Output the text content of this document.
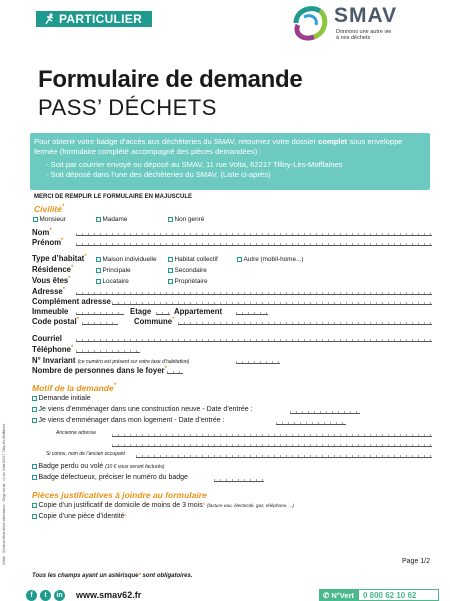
PARTICULIER	SMAV
Donnons une autre vie
à nos déchets
Formulaire de demande
PASS’ DÉCHETS
Pour obtenir votre badge d’accès aux déchèteries du SMAV, retournez votre dossier complet sous enveloppe fermée (formulaire complété accompagné des pièces demandées) :
- Soit par courrier envoyé ou déposé au SMAV, 11 rue Volta, 62217 Tilloy-Lès-Mofflaines
- Soit déposé dans l’une des déchèteries du SMAV. (Liste ci-après)
SMAV · Syndicat Mixte Artois Valorisation · Siège social : 11 rue Volta 62217 Tilloy-lès-Mofflaines
MERCI DE REMPLIR LE FORMULAIRE EN MAJUSCULE
Civilité*
Monsieur	Madame	Non genré
Nom*
Prénom*
Type d’habitat* Maison individuelle	Habitat collectif	Autre (mobil-home...)
Résidence*	Principale	Secondaire
Vous êtes*	Locataire	Propriétaire
Adresse*
Complément adresse
Immeuble	Etage	Appartement
Code postal*	Commune*
Courriel
Téléphone*
N° Invariant (ce numéro est présent sur votre taxe d’habitation)
Nombre de personnes dans le foyer*
Motif de la demande*
Demande initiale
Je viens d’emménager dans une construction neuve - Date d’entrée :
Je viens d’emménager dans mon logement - Date d’entrée :
Ancienne adresse
Si connu, nom de l’ancien occupant
Badge perdu ou volé
(10 € vous seront facturés)
Badge défectueux, préciser le numéro du badge
Pièces justificatives à joindre au formulaire
Copie d’un justificatif de domicile de moins de 3 mois *
(facture eau, électricité, gaz, téléphone, ...)
Copie d’une pièce d’identité *
Page 1/2
Tous les champs ayant un astérisque* sont obligatoires.
f	t	in www.smav62.fr	✆
N°Vert	0 800 62 10 62
